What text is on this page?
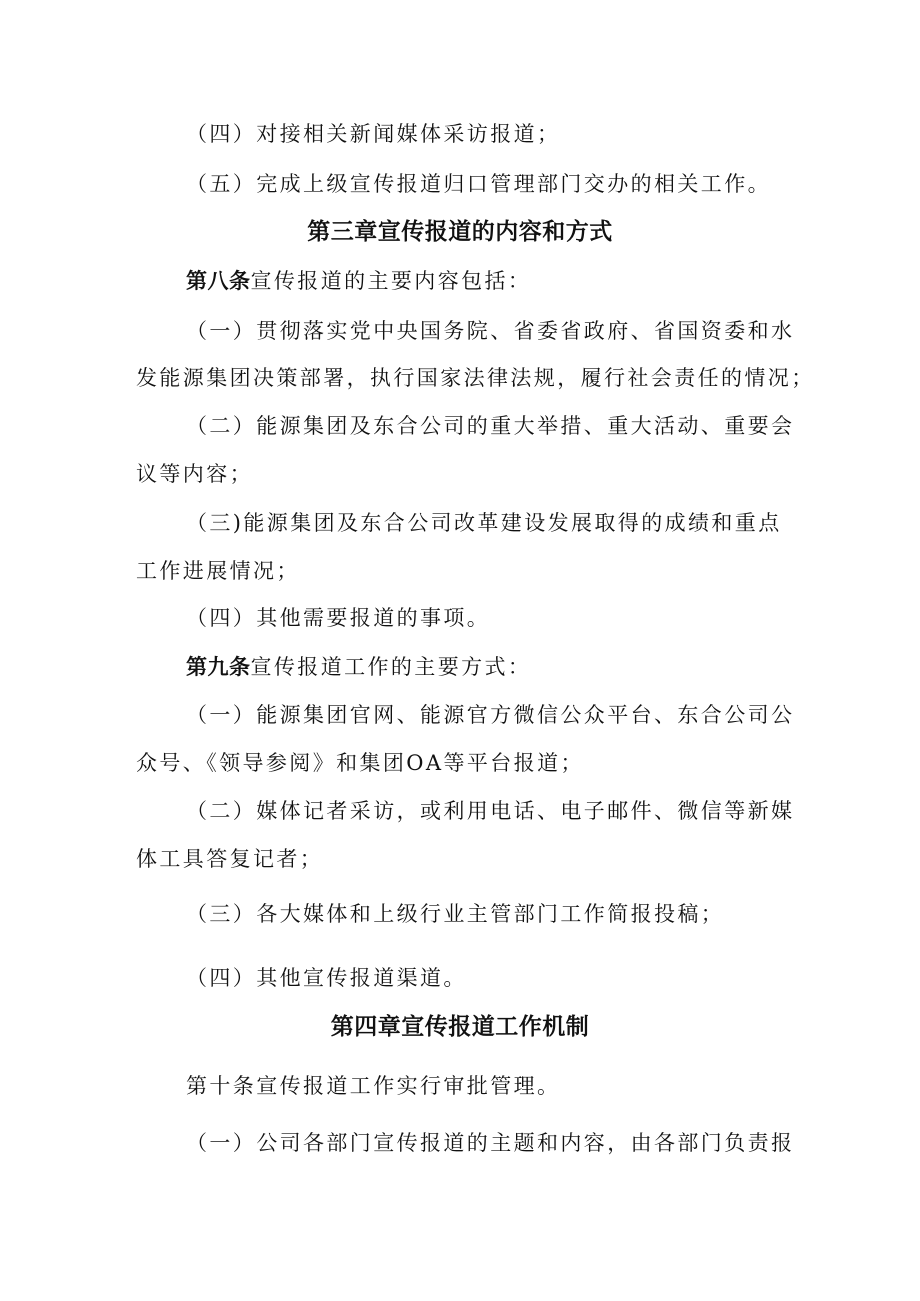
（四）对接相关新闻媒体采访报道；
（五）完成上级宣传报道归口管理部门交办的相关工作。
第三章宣传报道的内容和方式
第八条宣传报道的主要内容包括：
（一）贯彻落实党中央国务院、省委省政府、省国资委和水
发能源集团决策部署，执行国家法律法规，履行社会责任的情况；
（二）能源集团及东合公司的重大举措、重大活动、重要会
议等内容；
（三)能源集团及东合公司改革建设发展取得的成绩和重点
工作进展情况；
（四）其他需要报道的事项。
第九条宣传报道工作的主要方式：
（一）能源集团官网、能源官方微信公众平台、东合公司公
众号、《领导参阅》和集团OA等平台报道；
（二）媒体记者采访，或利用电话、电子邮件、微信等新媒
体工具答复记者；
（三）各大媒体和上级行业主管部门工作简报投稿；
（四）其他宣传报道渠道。
第四章宣传报道工作机制
第十条宣传报道工作实行审批管理。
（一）公司各部门宣传报道的主题和内容，由各部门负责报
